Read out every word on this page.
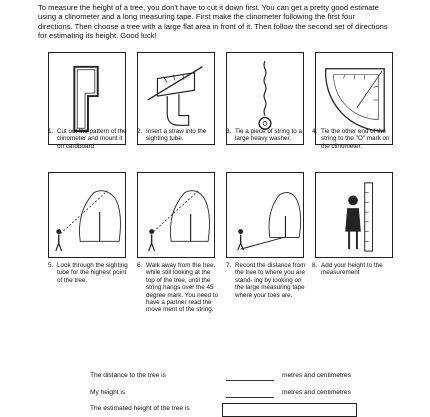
To measure the height of a tree, you don't have to cut it down first. You can get a pretty good estimate using a clinometer and a long measuring tape. First make the clinometer following the first four directions. Then choose a tree with a large flat area in front of it. Then follow the second set of directions for estimating its height. Good luck!
1. Cut out the pattern of the clinometer and mount it on cardboard
2. Insert a straw into the sighting tube.
3. Tie a piece of string to a large heavy washer.
4. Tie the other end of the string to the "O" mark on the clinometer.
5. Look through the sighting tube for the highest point of the tree.
6. Walk away from the tree, while still looking at the top of the tree, until the string hangs over the 45 degree mark. You need to have a partner read the move ment of the string.
7. Record the distance from the tree to where you are stand- ing by looking on the large measuring tape where your toes are.
8. Add your height to the measurement
The distance to the tree is	metres and centimetres
My height is	metres and centimetres
The estimated height of the tree is
